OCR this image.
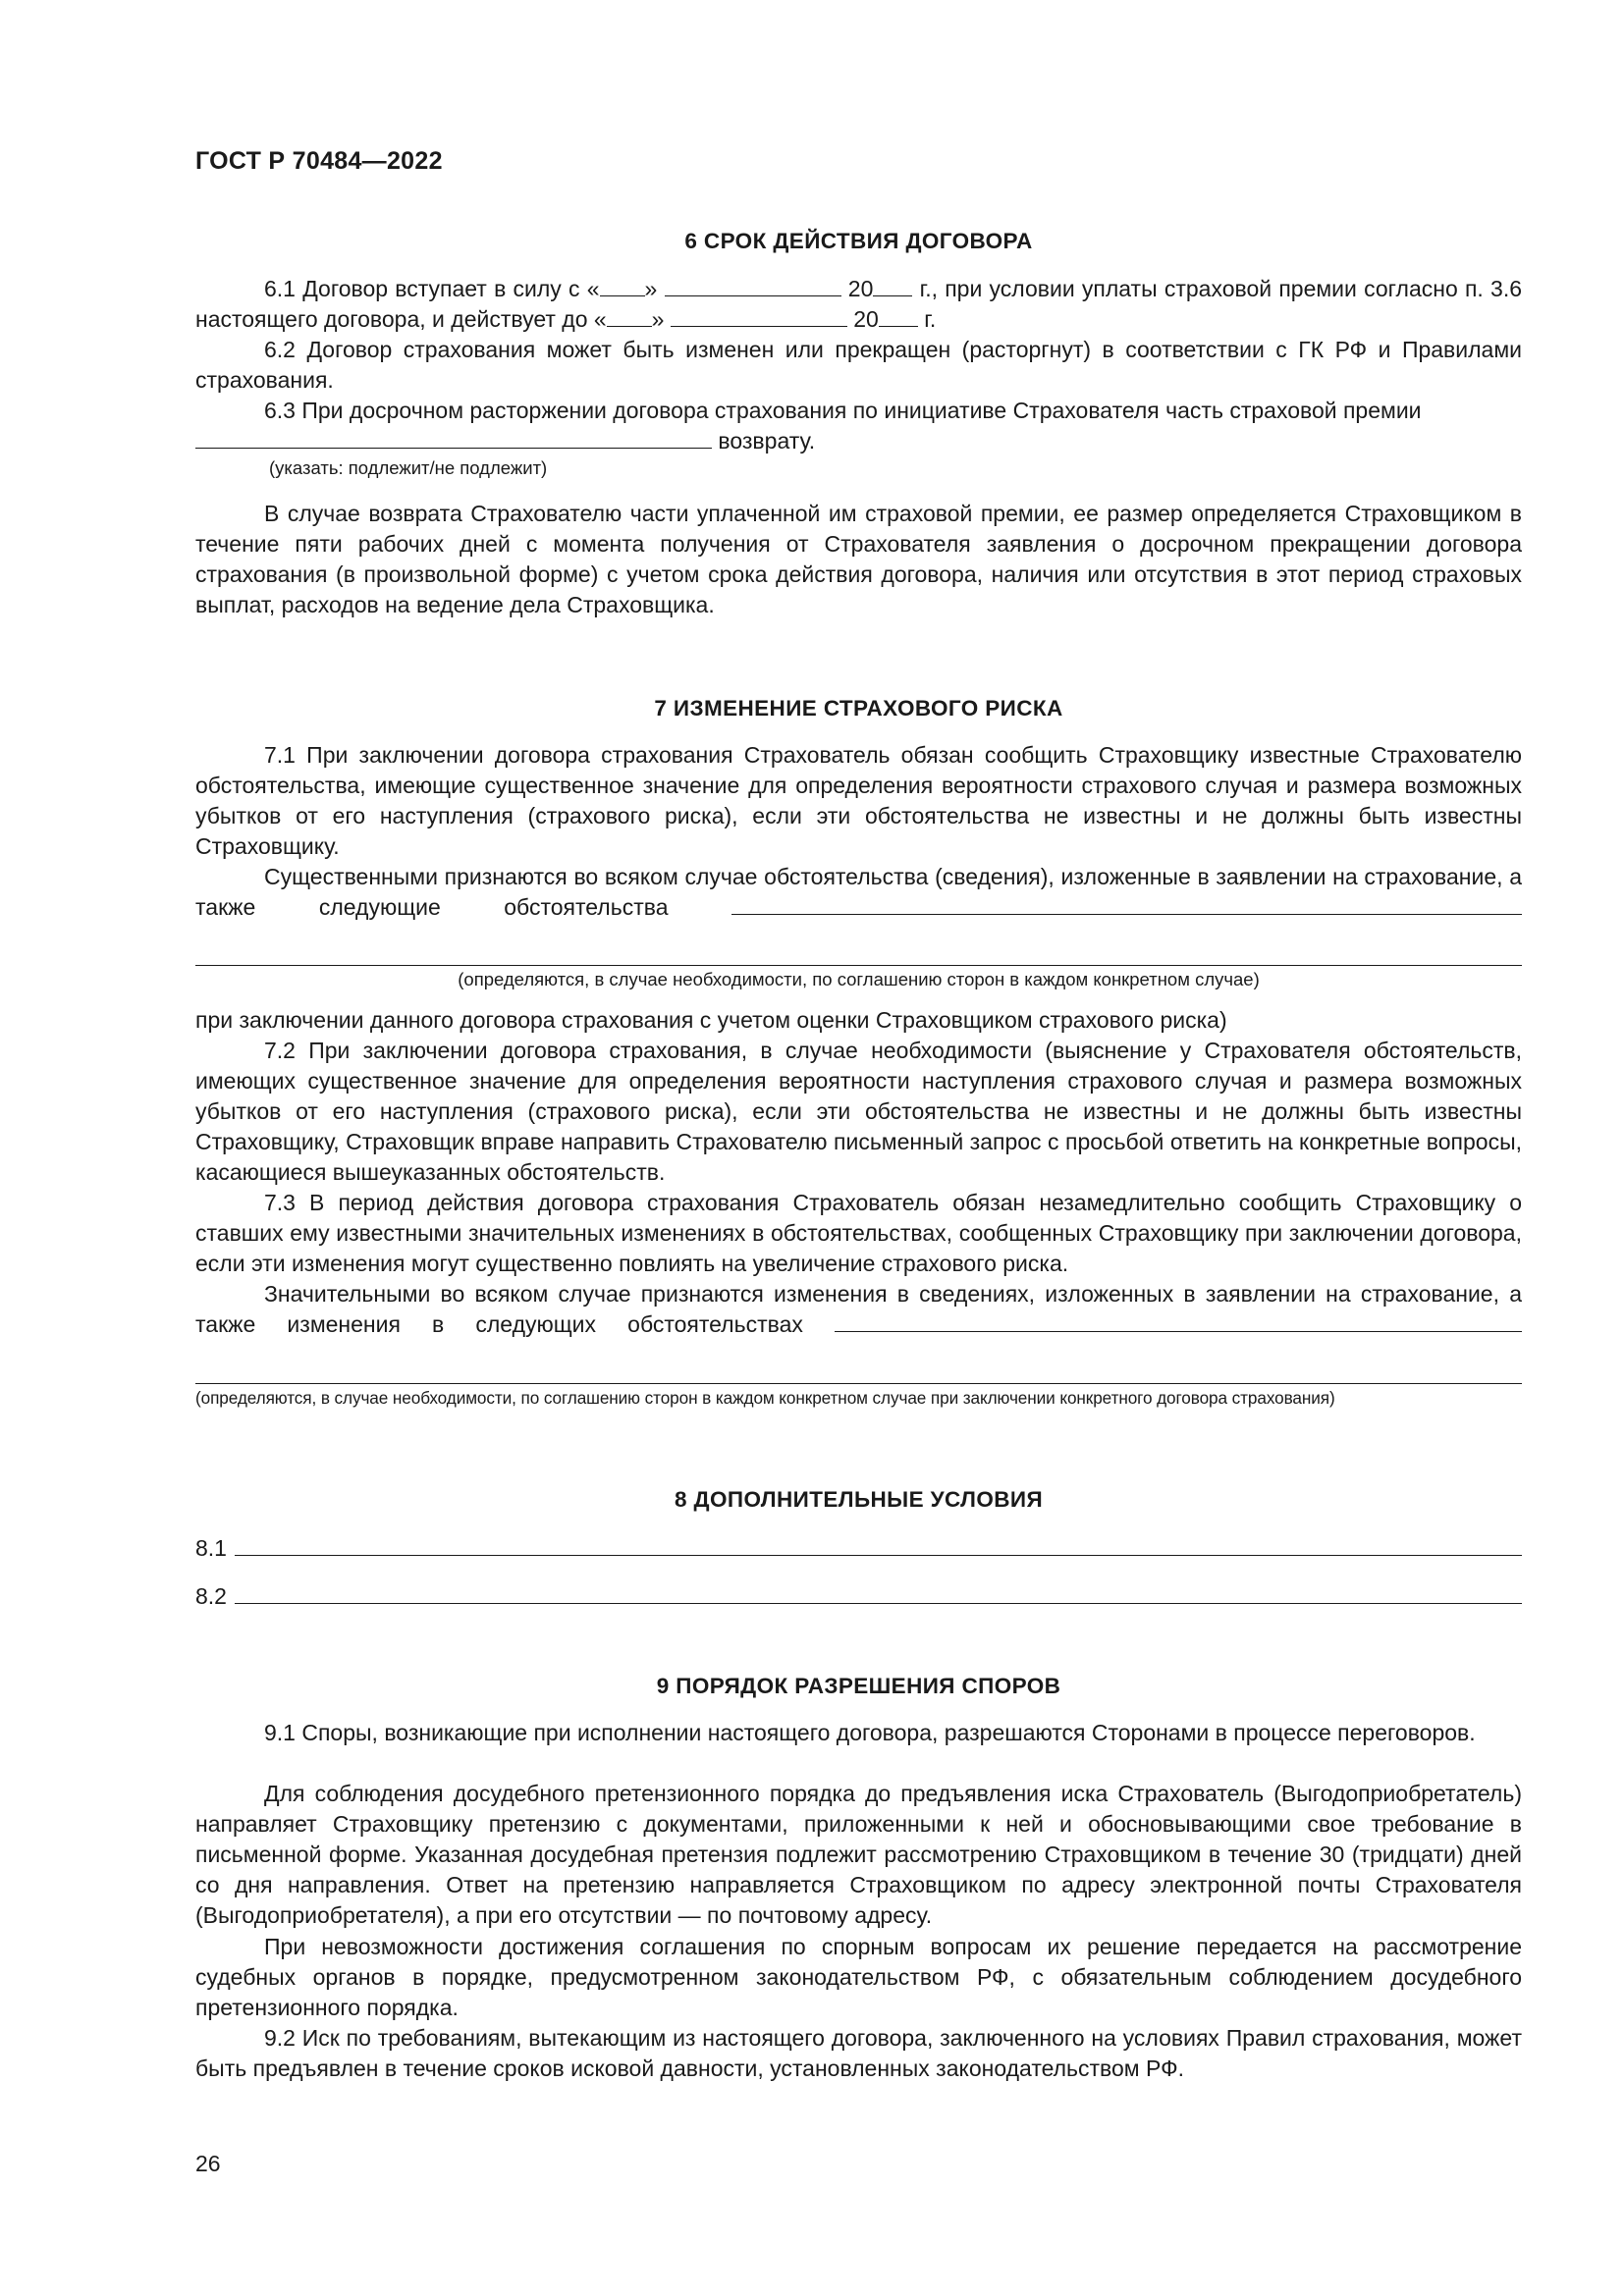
ГОСТ Р 70484—2022
6 СРОК ДЕЙСТВИЯ ДОГОВОРА
6.1 Договор вступает в силу с « »	20 г., при условии уплаты страховой премии согласно п. 3.6 настоящего договора, и действует до « »	20 г.
6.2 Договор страхования может быть изменен или прекращен (расторгнут) в соответствии с ГК РФ и Правилами страхования.
6.3 При досрочном расторжении договора страхования по инициативе Страхователя часть страховой премии
возврату.
(указать: подлежит/не подлежит)
В случае возврата Страхователю части уплаченной им страховой премии, ее размер определяется Страховщиком в течение пяти рабочих дней с момента получения от Страхователя заявления о досрочном прекращении договора страхования (в произвольной форме) с учетом срока действия договора, наличия или отсутствия в этот период страховых выплат, расходов на ведение дела Страховщика.
7 ИЗМЕНЕНИЕ СТРАХОВОГО РИСКА
7.1 При заключении договора страхования Страхователь обязан сообщить Страховщику известные Страхователю обстоятельства, имеющие существенное значение для определения вероятности страхового случая и размера возможных убытков от его наступления (страхового риска), если эти обстоятельства не известны и не должны быть известны Страховщику.
Существенными признаются во всяком случае обстоятельства (сведения), изложенные в заявлении на страхование, а также следующие обстоятельства
(определяются, в случае необходимости, по соглашению сторон в каждом конкретном случае)
при заключении данного договора страхования с учетом оценки Страховщиком страхового риска)
7.2 При заключении договора страхования, в случае необходимости (выяснение у Страхователя обстоятельств, имеющих существенное значение для определения вероятности наступления страхового случая и размера возможных убытков от его наступления (страхового риска), если эти обстоятельства не известны и не должны быть известны Страховщику, Страховщик вправе направить Страхователю письменный запрос с просьбой ответить на конкретные вопросы, касающиеся вышеуказанных обстоятельств.
7.3 В период действия договора страхования Страхователь обязан незамедлительно сообщить Страховщику о ставших ему известными значительных изменениях в обстоятельствах, сообщенных Страховщику при заключении договора, если эти изменения могут существенно повлиять на увеличение страхового риска.
Значительными во всяком случае признаются изменения в сведениях, изложенных в заявлении на страхование, а также изменения в следующих обстоятельствах
(определяются, в случае необходимости, по соглашению сторон в каждом конкретном случае при заключении конкретного договора страхования)
8 ДОПОЛНИТЕЛЬНЫЕ УСЛОВИЯ
8.1
8.2
9 ПОРЯДОК РАЗРЕШЕНИЯ СПОРОВ
9.1 Споры, возникающие при исполнении настоящего договора, разрешаются Сторонами в процессе переговоров.
Для соблюдения досудебного претензионного порядка до предъявления иска Страхователь (Выгодоприобретатель) направляет Страховщику претензию с документами, приложенными к ней и обосновывающими свое требование в письменной форме. Указанная досудебная претензия подлежит рассмотрению Страховщиком в течение 30 (тридцати) дней со дня направления. Ответ на претензию направляется Страховщиком по адресу электронной почты Страхователя (Выгодоприобретателя), а при его отсутствии — по почтовому адресу.
При невозможности достижения соглашения по спорным вопросам их решение передается на рассмотрение судебных органов в порядке, предусмотренном законодательством РФ, с обязательным соблюдением досудебного претензионного порядка.
9.2 Иск по требованиям, вытекающим из настоящего договора, заключенного на условиях Правил страхования, может быть предъявлен в течение сроков исковой давности, установленных законодательством РФ.
26
